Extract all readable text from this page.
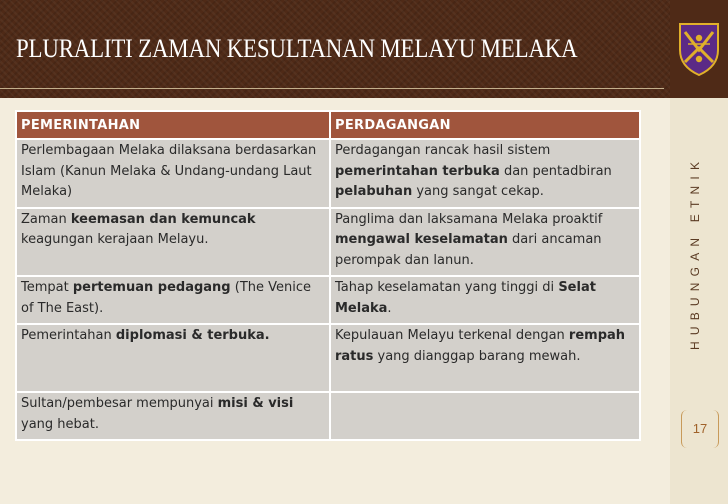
PLURALITI ZAMAN KESULTANAN MELAYU MELAKA
HUBUNGAN ETNIK
17
PEMERINTAHAN	PERDAGANGAN
Perlembagaan Melaka dilaksana berdasarkan Islam (Kanun Melaka & Undang-undang Laut Melaka)	Perdagangan rancak hasil sistem pemerintahan terbuka dan pentadbiran pelabuhan yang sangat cekap.
Zaman keemasan dan kemuncak keagungan kerajaan Melayu.	Panglima dan laksamana Melaka proaktif mengawal keselamatan dari ancaman perompak dan lanun.
Tempat pertemuan pedagang (The Venice of The East).	Tahap keselamatan yang tinggi di Selat Melaka.
Pemerintahan diplomasi & terbuka.	Kepulauan Melayu terkenal dengan rempah ratus yang dianggap barang mewah.
Sultan/pembesar mempunyai misi & visi yang hebat.	
